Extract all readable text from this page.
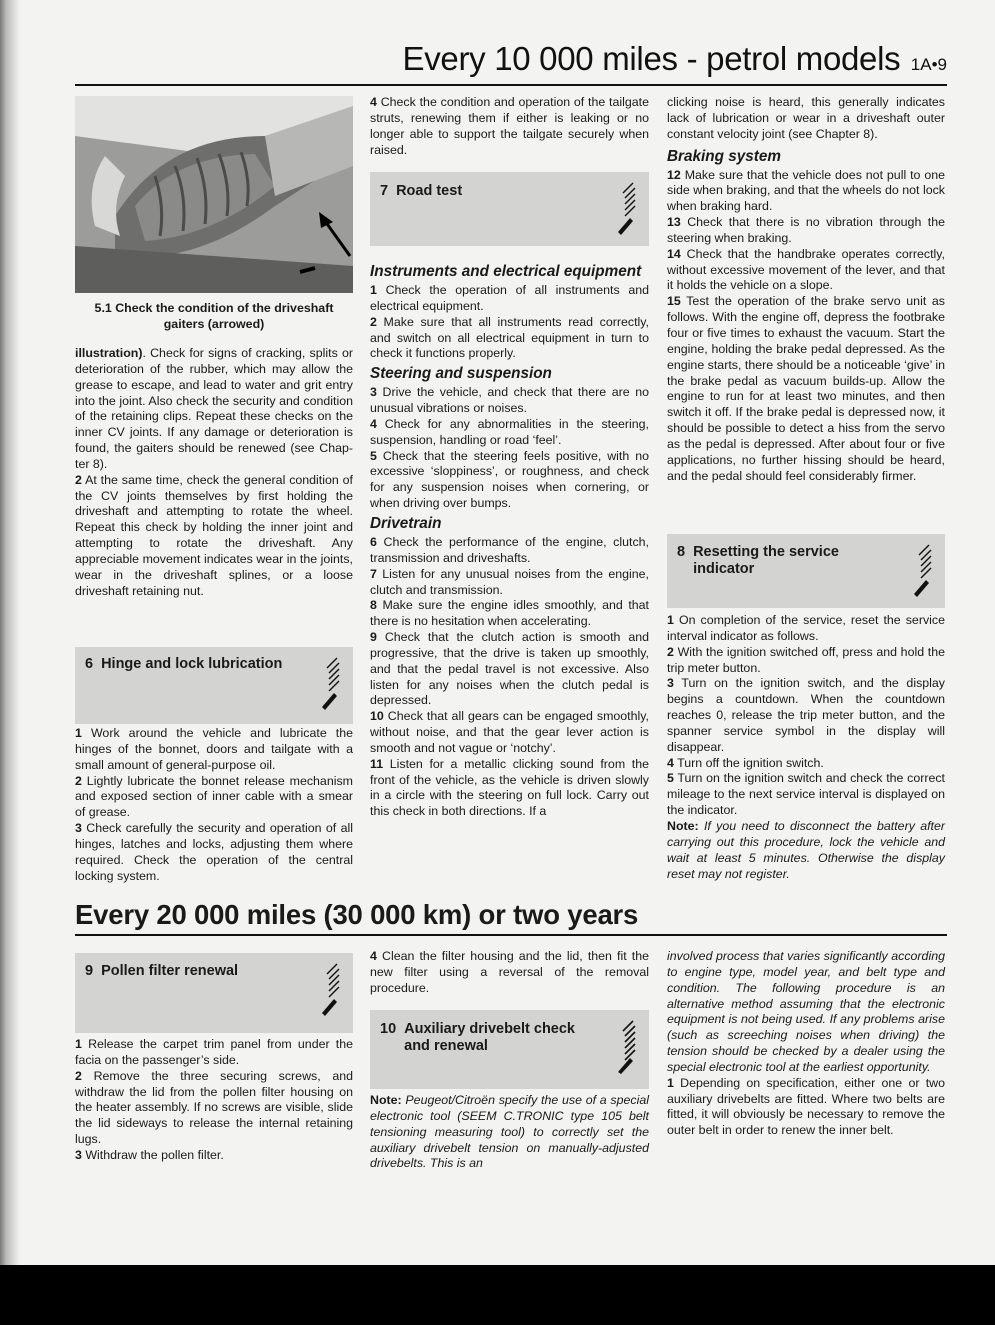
Every 10 000 miles - petrol models 1A•9
5.1 Check the condition of the driveshaft gaiters (arrowed)

illustration). Check for signs of cracking, splits or deterioration of the rubber, which may allow the grease to escape, and lead to water and grit entry into the joint. Also check the security and condition of the retaining clips. Repeat these checks on the inner CV joints. If any damage or deterioration is found, the gaiters should be renewed (see Chap-ter 8).

2 At the same time, check the general condition of the CV joints themselves by first holding the driveshaft and attempting to rotate the wheel. Repeat this check by holding the inner joint and attempting to rotate the driveshaft. Any appreciable movement indicates wear in the joints, wear in the driveshaft splines, or a loose driveshaft retaining nut.

6 Hinge and lock lubrication

1 Work around the vehicle and lubricate the hinges of the bonnet, doors and tailgate with a small amount of general-purpose oil.

2 Lightly lubricate the bonnet release mechanism and exposed section of inner cable with a smear of grease.

3 Check carefully the security and operation of all hinges, latches and locks, adjusting them where required. Check the operation of the central locking system.

4 Check the condition and operation of the tailgate struts, renewing them if either is leaking or no longer able to support the tailgate securely when raised.

7 Road test
Instruments and electrical equipment

1 Check the operation of all instruments and electrical equipment.

2 Make sure that all instruments read correctly, and switch on all electrical equipment in turn to check it functions properly.

Steering and suspension

3 Drive the vehicle, and check that there are no unusual vibrations or noises.

4 Check for any abnormalities in the steering, suspension, handling or road ‘feel’.

5 Check that the steering feels positive, with no excessive ‘sloppiness’, or roughness, and check for any suspension noises when cornering, or when driving over bumps.

Drivetrain

6 Check the performance of the engine, clutch, transmission and driveshafts.

7 Listen for any unusual noises from the engine, clutch and transmission.

8 Make sure the engine idles smoothly, and that there is no hesitation when accelerating.

9 Check that the clutch action is smooth and progressive, that the drive is taken up smoothly, and that the pedal travel is not excessive. Also listen for any noises when the clutch pedal is depressed.

10 Check that all gears can be engaged smoothly, without noise, and that the gear lever action is smooth and not vague or ‘notchy’.

11 Listen for a metallic clicking sound from the front of the vehicle, as the vehicle is driven slowly in a circle with the steering on full lock. Carry out this check in both directions. If a

clicking noise is heard, this generally indicates lack of lubrication or wear in a driveshaft outer constant velocity joint (see Chapter 8).

Braking system

12 Make sure that the vehicle does not pull to one side when braking, and that the wheels do not lock when braking hard.

13 Check that there is no vibration through the steering when braking.

14 Check that the handbrake operates correctly, without excessive movement of the lever, and that it holds the vehicle on a slope.

15 Test the operation of the brake servo unit as follows. With the engine off, depress the footbrake four or five times to exhaust the vacuum. Start the engine, holding the brake pedal depressed. As the engine starts, there should be a noticeable ‘give’ in the brake pedal as vacuum builds-up. Allow the engine to run for at least two minutes, and then switch it off. If the brake pedal is depressed now, it should be possible to detect a hiss from the servo as the pedal is depressed. After about four or five applications, no further hissing should be heard, and the pedal should feel considerably firmer.

8 Resetting the service indicator

1 On completion of the service, reset the service interval indicator as follows.

2 With the ignition switched off, press and hold the trip meter button.

3 Turn on the ignition switch, and the display begins a countdown. When the countdown reaches 0, release the trip meter button, and the spanner service symbol in the display will disappear.

4 Turn off the ignition switch.

5 Turn on the ignition switch and check the correct mileage to the next service interval is displayed on the indicator.

Note: If you need to disconnect the battery after carrying out this procedure, lock the vehicle and wait at least 5 minutes. Otherwise the display reset may not register.

Every 20 000 miles (30 000 km) or two years
9 Pollen filter renewal

1 Release the carpet trim panel from under the facia on the passenger’s side.

2 Remove the three securing screws, and withdraw the lid from the pollen filter housing on the heater assembly. If no screws are visible, slide the lid sideways to release the internal retaining lugs.

3 Withdraw the pollen filter.

4 Clean the filter housing and the lid, then fit the new filter using a reversal of the removal procedure.

10 Auxiliary drivebelt check and renewal

Note: Peugeot/Citroën specify the use of a special electronic tool (SEEM C.TRONIC type 105 belt tensioning measuring tool) to correctly set the auxiliary drivebelt tension on manually-adjusted drivebelts. This is an

involved process that varies significantly according to engine type, model year, and belt type and condition. The following procedure is an alternative method assuming that the electronic equipment is not being used. If any problems arise (such as screeching noises when driving) the tension should be checked by a dealer using the special electronic tool at the earliest opportunity.

1 Depending on specification, either one or two auxiliary drivebelts are fitted. Where two belts are fitted, it will obviously be necessary to remove the outer belt in order to renew the inner belt.
